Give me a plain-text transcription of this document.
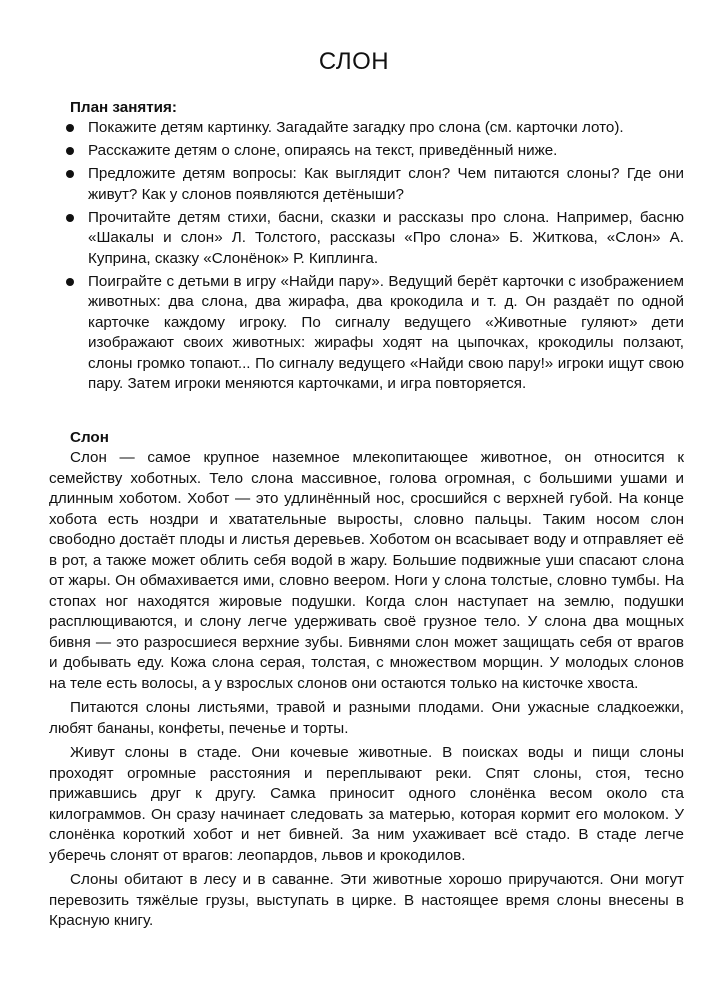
СЛОН
План занятия:
Покажите детям картинку. Загадайте загадку про слона (см. карточки лото).
Расскажите детям о слоне, опираясь на текст, приведённый ниже.
Предложите детям вопросы: Как выглядит слон? Чем питаются слоны? Где они живут? Как у слонов появляются детёныши?
Прочитайте детям стихи, басни, сказки и рассказы про слона. Например, басню «Шакалы и слон» Л. Толстого, рассказы «Про слона» Б. Житкова, «Слон» А. Куприна, сказку «Слонёнок» Р. Киплинга.
Поиграйте с детьми в игру «Найди пару». Ведущий берёт карточки с изображением животных: два слона, два жирафа, два крокодила и т. д. Он раздаёт по одной карточке каждому игроку. По сигналу ведущего «Животные гуляют» дети изображают своих животных: жирафы ходят на цыпочках, крокодилы ползают, слоны громко топают... По сигналу ведущего «Найди свою пару!» игроки ищут свою пару. Затем игроки меняются карточками, и игра повторяется.
Слон

Слон — самое крупное наземное млекопитающее животное, он относится к семейству хоботных. Тело слона массивное, голова огромная, с большими ушами и длинным хоботом. Хобот — это удлинённый нос, сросшийся с верхней губой. На конце хобота есть ноздри и хватательные выросты, словно пальцы. Таким носом слон свободно достаёт плоды и листья деревьев. Хоботом он всасывает воду и отправляет её в рот, а также может облить себя водой в жару. Большие подвижные уши спасают слона от жары. Он обмахивается ими, словно веером. Ноги у слона толстые, словно тумбы. На стопах ног находятся жировые подушки. Когда слон наступает на землю, подушки расплющиваются, и слону легче удерживать своё грузное тело. У слона два мощных бивня — это разросшиеся верхние зубы. Бивнями слон может защищать себя от врагов и добывать еду. Кожа слона серая, толстая, с множеством морщин. У молодых слонов на теле есть волосы, а у взрослых слонов они остаются только на кисточке хвоста.

Питаются слоны листьями, травой и разными плодами. Они ужасные сладкоежки, любят бананы, конфеты, печенье и торты.

Живут слоны в стаде. Они кочевые животные. В поисках воды и пищи слоны проходят огромные расстояния и переплывают реки. Спят слоны, стоя, тесно прижавшись друг к другу. Самка приносит одного слонёнка весом около ста килограммов. Он сразу начинает следовать за матерью, которая кормит его молоком. У слонёнка короткий хобот и нет бивней. За ним ухаживает всё стадо. В стаде легче уберечь слонят от врагов: леопардов, львов и крокодилов.

Слоны обитают в лесу и в саванне. Эти животные хорошо приручаются. Они могут перевозить тяжёлые грузы, выступать в цирке. В настоящее время слоны внесены в Красную книгу.
